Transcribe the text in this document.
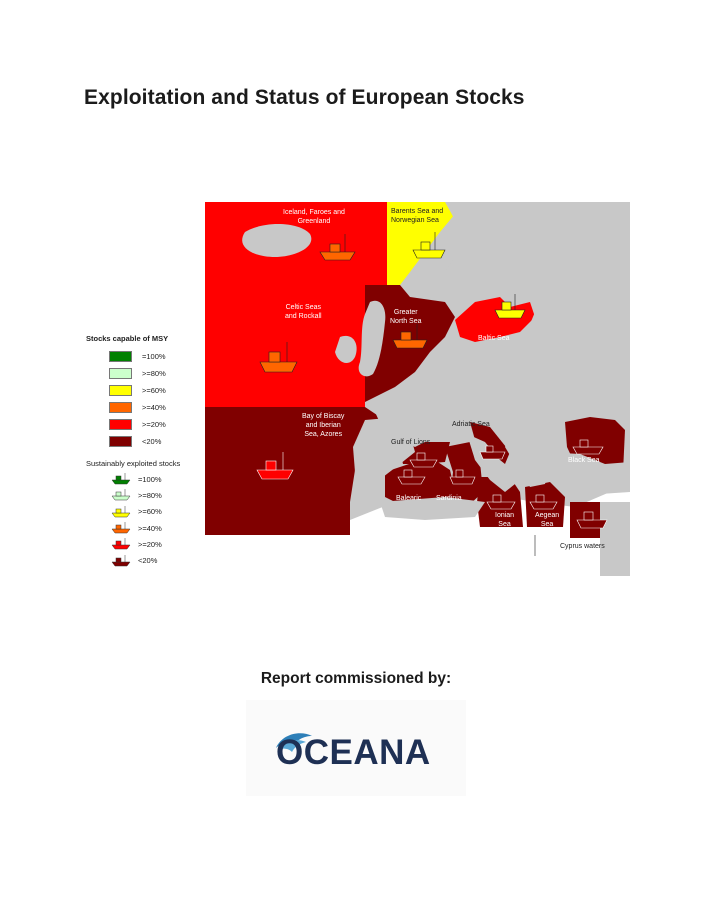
Exploitation and Status of European Stocks
Iceland, Faroes and
Greenland
Barents Sea and
Norwegian Sea
Celtic Seas
and Rockall
Greater
North Sea
Baltic Sea
Bay of Biscay
and Iberian
Sea, Azores
Adriatic Sea
Gulf of Lions
Balearic Sardinia
Ionian
Sea
Aegean
Sea
Black Sea
Cyprus waters
Stocks capable of MSY
=100%
>=80%
>=60%
>=40%
>=20%
<20%
Sustainably exploited stocks
=100%
>=80%
>=60%
>=40%
>=20%
<20%
Report commissioned by:
OCEANA
